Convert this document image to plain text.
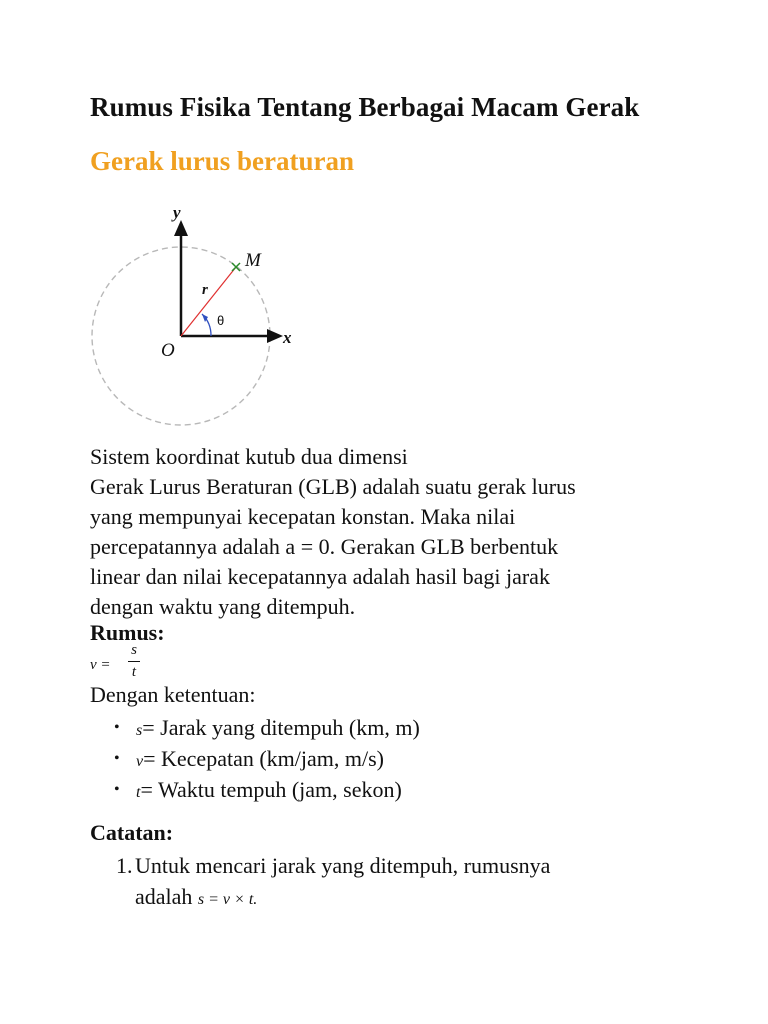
Rumus Fisika Tentang Berbagai Macam Gerak
Gerak lurus beraturan
y
x
O
M
r
θ
Sistem koordinat kutub dua dimensi
Gerak Lurus Beraturan (GLB) adalah suatu gerak lurus
yang mempunyai kecepatan konstan. Maka nilai
percepatannya adalah a = 0. Gerakan GLB berbentuk
linear dan nilai kecepatannya adalah hasil bagi jarak
dengan waktu yang ditempuh.
Rumus:
v =
s
t
Dengan ketentuan:
• s= Jarak yang ditempuh (km, m)
• v= Kecepatan (km/jam, m/s)
• t= Waktu tempuh (jam, sekon)
Catatan:
1. Untuk mencari jarak yang ditempuh, rumusnya
adalah s = v × t.
